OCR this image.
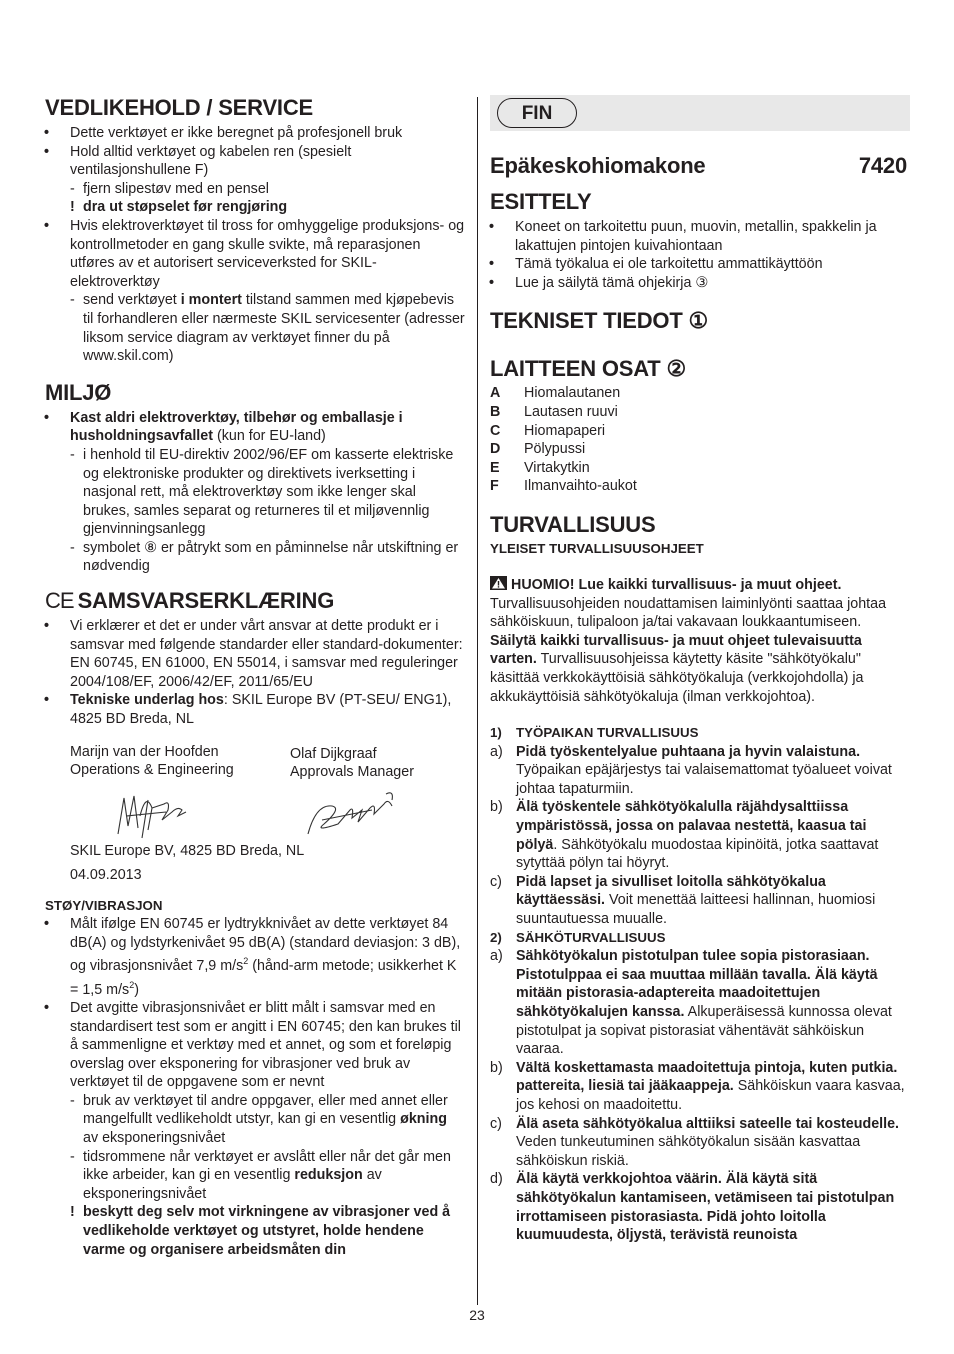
VEDLIKEHOLD / SERVICE
• Dette verktøyet er ikke beregnet på profesjonell bruk
• Hold alltid verktøyet og kabelen ren (spesielt ventilasjonshullene F)
- fjern slipestøv med en pensel
! dra ut støpselet før rengjøring
• Hvis elektroverktøyet til tross for omhyggelige produksjons- og kontrollmetoder en gang skulle svikte, må reparasjonen utføres av et autorisert serviceverksted for SKIL-elektroverktøy
- send verktøyet i montert tilstand sammen med kjøpebevis til forhandleren eller nærmeste SKIL servicesenter (adresser liksom service diagram av verktøyet finner du på www.skil.com)
MILJØ
• Kast aldri elektroverktøy, tilbehør og emballasje i husholdningsavfallet (kun for EU-land)
- i henhold til EU-direktiv 2002/96/EF om kasserte elektriske og elektroniske produkter og direktivets iverksetting i nasjonal rett, må elektroverktøy som ikke lenger skal brukes, samles separat og returneres til et miljøvennlig gjenvinningsanlegg
- symbolet ⑧ er påtrykt som en påminnelse når utskiftning er nødvendig
CE SAMSVARSERKLÆRING
• Vi erklærer et det er under vårt ansvar at dette produkt er i samsvar med følgende standarder eller standard-dokumenter: EN 60745, EN 61000, EN 55014, i samsvar med reguleringer 2004/108/EF, 2006/42/EF, 2011/65/EU
• Tekniske underlag hos: SKIL Europe BV (PT-SEU/ ENG1), 4825 BD Breda, NL
Marijn van der Hoofden
Operations & Engineering
Olaf Dijkgraaf
Approvals Manager
SKIL Europe BV, 4825 BD Breda, NL
04.09.2013
STØY/VIBRASJON
• Målt ifølge EN 60745 er lydtrykknivået av dette verktøyet 84 dB(A) og lydstyrkenivået 95 dB(A) (standard deviasjon: 3 dB), og vibrasjonsnivået 7,9 $m/s^2$ (hånd-arm metode; usikkerhet K = 1,5 $m/s^2$)
• Det avgitte vibrasjonsnivået er blitt målt i samsvar med en standardisert test som er angitt i EN 60745; den kan brukes til å sammenligne et verktøy med et annet, og som et foreløpig overslag over eksponering for vibrasjoner ved bruk av verktøyet til de oppgavene som er nevnt
- bruk av verktøyet til andre oppgaver, eller med annet eller mangelfullt vedlikeholdt utstyr, kan gi en vesentlig økning av eksponeringsnivået
- tidsrommene når verktøyet er avslått eller når det går men ikke arbeider, kan gi en vesentlig reduksjon av eksponeringsnivået
! beskytt deg selv mot virkningene av vibrasjoner ved å vedlikeholde verktøyet og utstyret, holde hendene varme og organisere arbeidsmåten din
FIN
Epäkeskohiomakone	7420
ESITTELY
• Koneet on tarkoitettu puun, muovin, metallin, spakkelin ja lakattujen pintojen kuivahiontaan
• Tämä työkalua ei ole tarkoitettu ammattikäyttöön
• Lue ja säilytä tämä ohjekirja ③
TEKNISET TIEDOT ①
LAITTEEN OSAT ②
A Hiomalautanen
B Lautasen ruuvi
C Hiomapaperi
D Pölypussi
E Virtakytkin
F Ilmanvaihto-aukot
TURVALLISUUS
YLEISET TURVALLISUUSOHJEET
HUOMIO! Lue kaikki turvallisuus- ja muut ohjeet. Turvallisuusohjeiden noudattamisen laiminlyönti saattaa johtaa sähköiskuun, tulipaloon ja/tai vakavaan loukkaantumiseen. Säilytä kaikki turvallisuus- ja muut ohjeet tulevaisuutta varten. Turvallisuusohjeissa käytetty käsite "sähkötyökalu" käsittää verkkokäyttöisiä sähkötyökaluja (verkkojohdolla) ja akkukäyttöisiä sähkötyökaluja (ilman verkkojohtoa).
1) TYÖPAIKAN TURVALLISUUS
a) Pidä työskentelyalue puhtaana ja hyvin valaistuna. Työpaikan epäjärjestys tai valaisemattomat työalueet voivat johtaa tapaturmiin.
b) Älä työskentele sähkötyökalulla räjähdysalttiissa ympäristössä, jossa on palavaa nestettä, kaasua tai pölyä. Sähkötyökalu muodostaa kipinöitä, jotka saattavat sytyttää pölyn tai höyryt.
c) Pidä lapset ja sivulliset loitolla sähkötyökalua käyttäessäsi. Voit menettää laitteesi hallinnan, huomiosi suuntautuessa muualle.
2) SÄHKÖTURVALLISUUS
a) Sähkötyökalun pistotulpan tulee sopia pistorasiaan. Pistotulppaa ei saa muuttaa millään tavalla. Älä käytä mitään pistorasia-adaptereita maadoitettujen sähkötyökalujen kanssa. Alkuperäisessä kunnossa olevat pistotulpat ja sopivat pistorasiat vähentävät sähköiskun vaaraa.
b) Vältä koskettamasta maadoitettuja pintoja, kuten putkia. pattereita, liesiä tai jääkaappeja. Sähköiskun vaara kasvaa, jos kehosi on maadoitettu.
c) Älä aseta sähkötyökalua alttiiksi sateelle tai kosteudelle. Veden tunkeutuminen sähkötyökalun sisään kasvattaa sähköiskun riskiä.
d) Älä käytä verkkojohtoa väärin. Älä käytä sitä sähkötyökalun kantamiseen, vetämiseen tai pistotulpan irrottamiseen pistorasiasta. Pidä johto loitolla kuumuudesta, öljystä, terävistä reunoista
23
